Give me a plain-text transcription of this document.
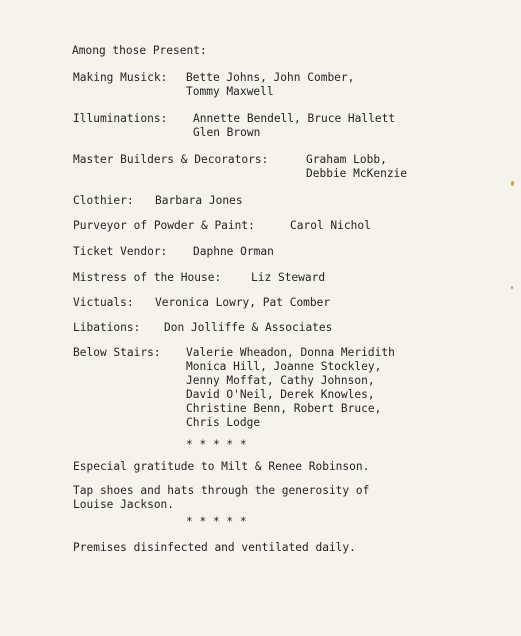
Among those Present:
Making Musick: Bette Johns, John Comber,
Tommy Maxwell
Illuminations: Annette Bendell, Bruce Hallett
Glen Brown
Master Builders & Decorators:	Graham Lobb,
Debbie McKenzie
Clothier: Barbara Jones
Purveyor of Powder & Paint:	Carol Nichol
Ticket Vendor: Daphne Orman
Mistress of the House:	Liz Steward
Victuals: Veronica Lowry, Pat Comber
Libations: Don Jolliffe & Associates
Below Stairs: Valerie Wheadon, Donna Meridith
Monica Hill, Joanne Stockley,
Jenny Moffat, Cathy Johnson,
David O'Neil, Derek Knowles,
Christine Benn, Robert Bruce,
Chris Lodge
* * * * *
Especial gratitude to Milt & Renee Robinson.
Tap shoes and hats through the generosity of
Louise Jackson.
* * * * *
Premises disinfected and ventilated daily.
